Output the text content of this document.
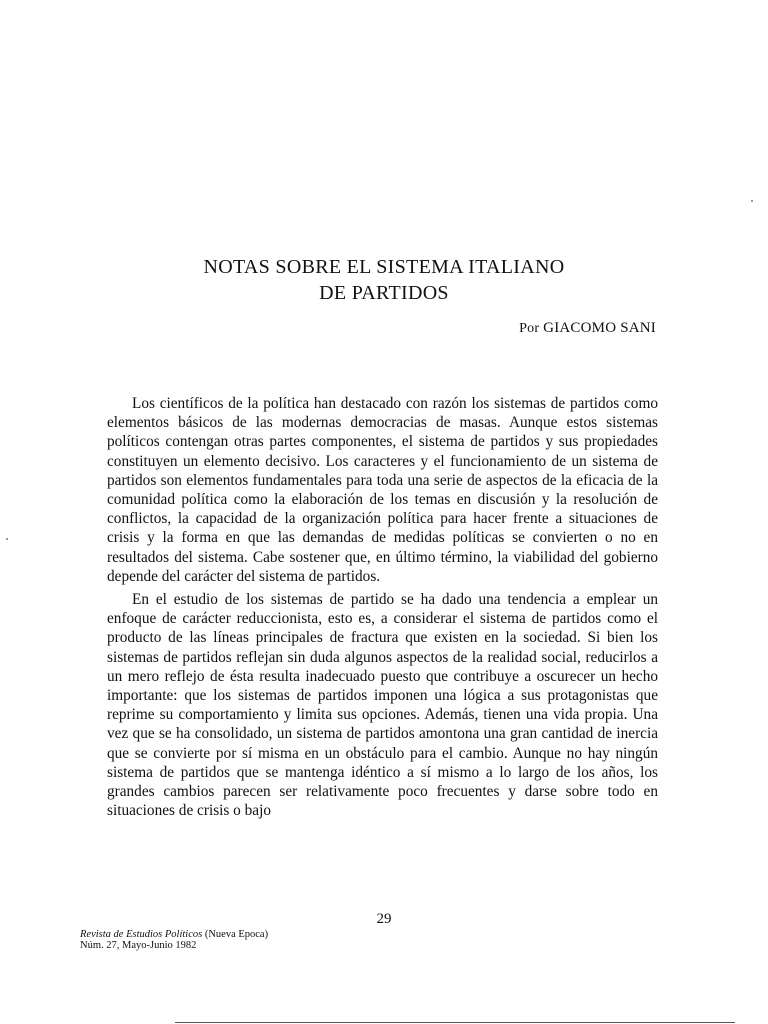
NOTAS SOBRE EL SISTEMA ITALIANO
DE PARTIDOS
Por GIACOMO SANI

Los científicos de la política han destacado con razón los sistemas de partidos como elementos básicos de las modernas democracias de masas. Aunque estos sistemas políticos contengan otras partes componentes, el sistema de partidos y sus propiedades constituyen un elemento decisivo. Los caracteres y el funcionamiento de un sistema de partidos son elementos fundamentales para toda una serie de aspectos de la eficacia de la comunidad política como la elaboración de los temas en discusión y la resolución de conflictos, la capacidad de la organización política para hacer frente a situaciones de crisis y la forma en que las demandas de medidas políticas se convierten o no en resultados del sistema. Cabe sostener que, en último término, la viabilidad del gobierno depende del carácter del sistema de partidos.

En el estudio de los sistemas de partido se ha dado una tendencia a emplear un enfoque de carácter reduccionista, esto es, a considerar el sistema de partidos como el producto de las líneas principales de fractura que existen en la sociedad. Si bien los sistemas de partidos reflejan sin duda algunos aspectos de la realidad social, reducirlos a un mero reflejo de ésta resulta inadecuado puesto que contribuye a oscurecer un hecho importante: que los sistemas de partidos imponen una lógica a sus protagonistas que reprime su comportamiento y limita sus opciones. Además, tienen una vida propia. Una vez que se ha consolidado, un sistema de partidos amontona una gran cantidad de inercia que se convierte por sí misma en un obstáculo para el cambio. Aunque no hay ningún sistema de partidos que se mantenga idéntico a sí mismo a lo largo de los años, los grandes cambios parecen ser relativamente poco frecuentes y darse sobre todo en situaciones de crisis o bajo

29
Revista de Estudios Políticos (Nueva Epoca)
Núm. 27, Mayo-Junio 1982
